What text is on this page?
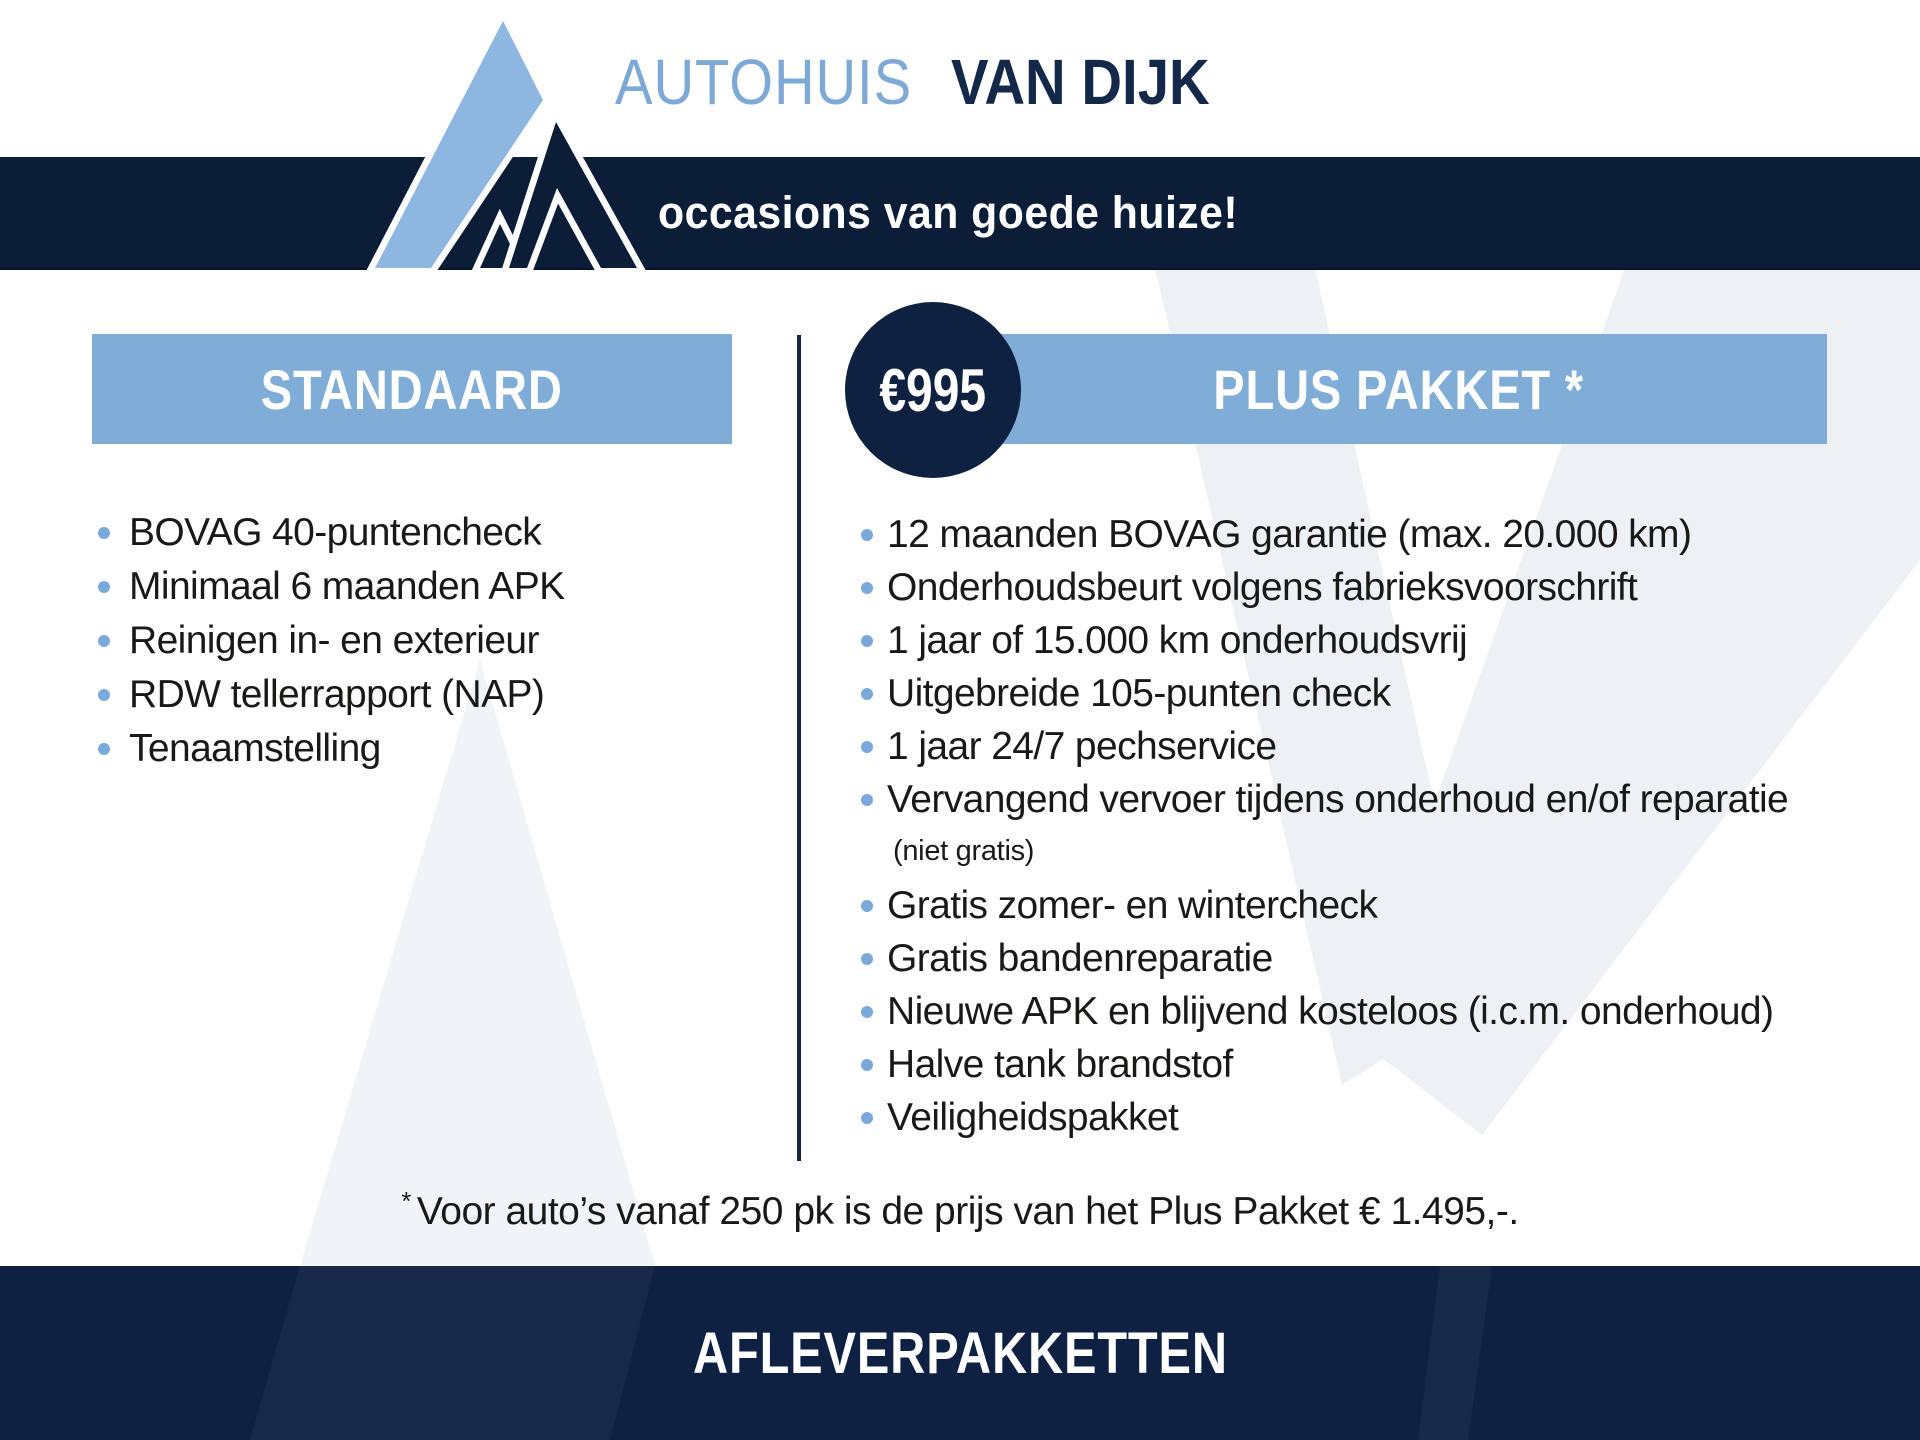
AUTOHUIS VAN DIJK
occasions van goede huize!
STANDAARD	PLUS PAKKET *
€995
BOVAG 40-puntencheck
Minimaal 6 maanden APK
Reinigen in- en exterieur
RDW tellerrapport (NAP)
Tenaamstelling
12 maanden BOVAG garantie (max. 20.000 km)
Onderhoudsbeurt volgens fabrieksvoorschrift
1 jaar of 15.000 km onderhoudsvrij
Uitgebreide 105-punten check
1 jaar 24/7 pechservice
Vervangend vervoer tijdens onderhoud en/of reparatie
(niet gratis)
Gratis zomer- en wintercheck
Gratis bandenreparatie
Nieuwe APK en blijvend kosteloos (i.c.m. onderhoud)
Halve tank brandstof
Veiligheidspakket
* Voor auto’s vanaf 250 pk is de prijs van het Plus Pakket € 1.495,-.
AFLEVERPAKKETTEN
